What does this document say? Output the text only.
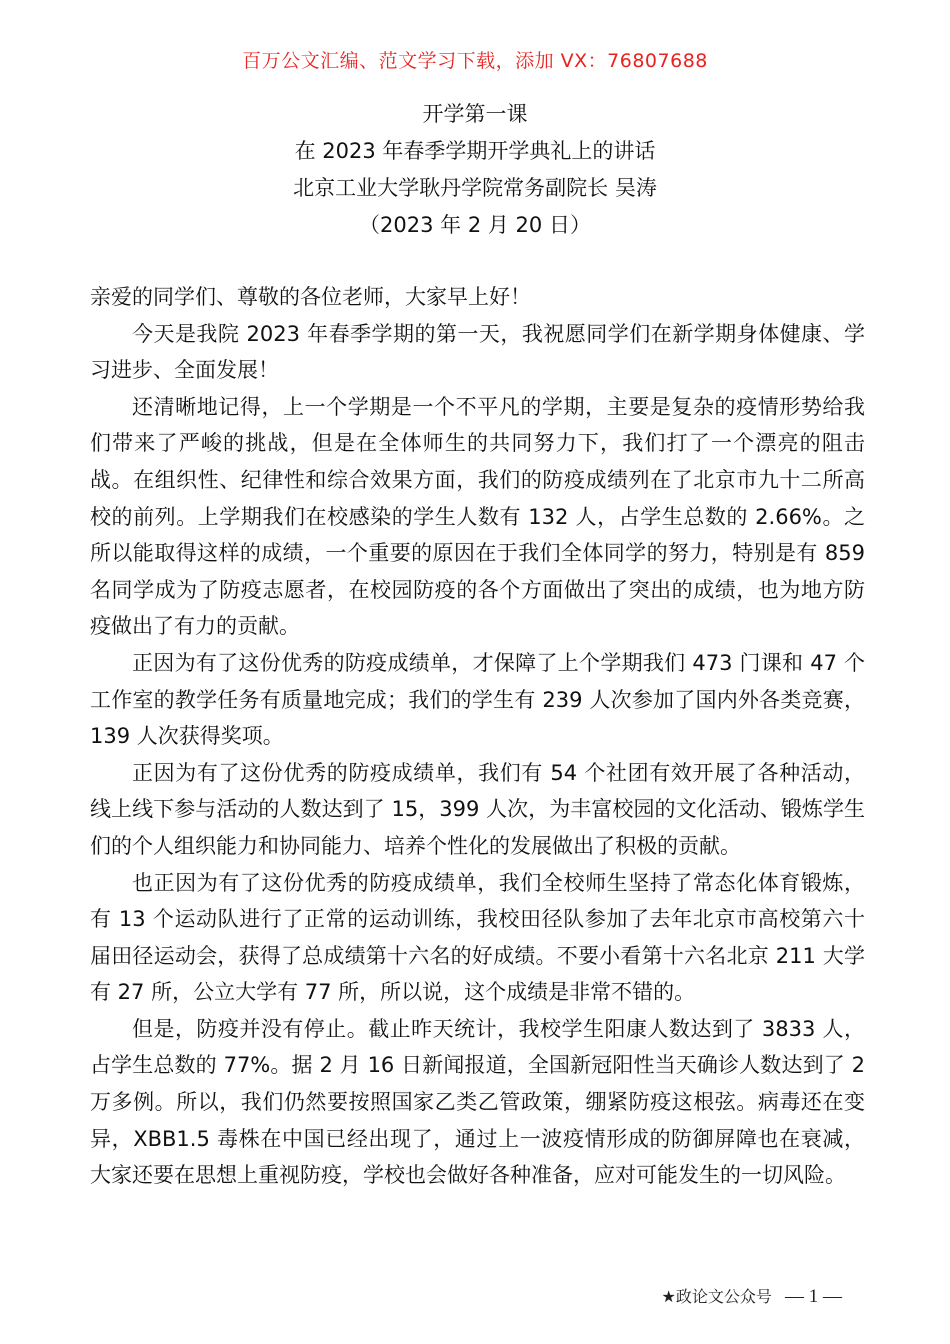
百万公文汇编、范文学习下载，添加 VX：76807688
开学第一课
在 2023 年春季学期开学典礼上的讲话
北京工业大学耿丹学院常务副院长 吴涛
（2023 年 2 月 20 日）

亲爱的同学们、尊敬的各位老师，大家早上好！

今天是我院 2023 年春季学期的第一天，我祝愿同学们在新学期身体健康、学习进步、全面发展！

还清晰地记得，上一个学期是一个不平凡的学期，主要是复杂的疫情形势给我们带来了严峻的挑战，但是在全体师生的共同努力下，我们打了一个漂亮的阻击战。在组织性、纪律性和综合效果方面，我们的防疫成绩列在了北京市九十二所高校的前列。上学期我们在校感染的学生人数有 132 人，占学生总数的 2.66%。之所以能取得这样的成绩，一个重要的原因在于我们全体同学的努力，特别是有 859 名同学成为了防疫志愿者，在校园防疫的各个方面做出了突出的成绩，也为地方防疫做出了有力的贡献。

正因为有了这份优秀的防疫成绩单，才保障了上个学期我们 473 门课和 47 个工作室的教学任务有质量地完成；我们的学生有 239 人次参加了国内外各类竞赛，139 人次获得奖项。

正因为有了这份优秀的防疫成绩单，我们有 54 个社团有效开展了各种活动，线上线下参与活动的人数达到了 15，399 人次，为丰富校园的文化活动、锻炼学生们的个人组织能力和协同能力、培养个性化的发展做出了积极的贡献。

也正因为有了这份优秀的防疫成绩单，我们全校师生坚持了常态化体育锻炼，有 13 个运动队进行了正常的运动训练，我校田径队参加了去年北京市高校第六十届田径运动会，获得了总成绩第十六名的好成绩。不要小看第十六名北京 211 大学有 27 所，公立大学有 77 所，所以说，这个成绩是非常不错的。

但是，防疫并没有停止。截止昨天统计，我校学生阳康人数达到了 3833 人，占学生总数的 77%。据 2 月 16 日新闻报道，全国新冠阳性当天确诊人数达到了 2 万多例。所以，我们仍然要按照国家乙类乙管政策，绷紧防疫这根弦。病毒还在变异，XBB1.5 毒株在中国已经出现了，通过上一波疫情形成的防御屏障也在衰减，大家还要在思想上重视防疫，学校也会做好各种准备，应对可能发生的一切风险。

★政论文公众号 — 1 —
